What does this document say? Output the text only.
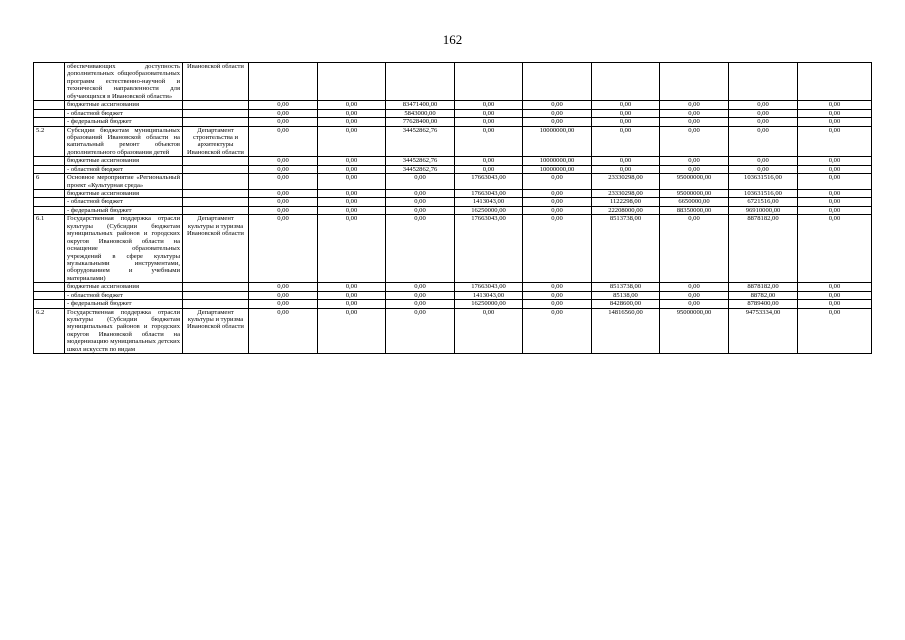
162
	обеспечивающих доступность дополнительных общеобразовательных программ естественно-научной и технической направленности для обучающихся в Ивановской области»	Ивановской области									
	бюджетные ассигнования		0,00	0,00	83471400,00	0,00	0,00	0,00	0,00	0,00	0,00
	- областной бюджет		0,00	0,00	5843000,00	0,00	0,00	0,00	0,00	0,00	0,00
	- федеральный бюджет		0,00	0,00	77628400,00	0,00	0,00	0,00	0,00	0,00	0,00
5.2	Субсидии бюджетам муниципальных образований Ивановской области на капитальный ремонт объектов дополнительного образования детей	Департамент строительства и архитектуры Ивановской области	0,00	0,00	34452862,76	0,00	10000000,00	0,00	0,00	0,00	0,00
	бюджетные ассигнования		0,00	0,00	34452862,76	0,00	10000000,00	0,00	0,00	0,00	0,00
	- областной бюджет		0,00	0,00	34452862,76	0,00	10000000,00	0,00	0,00	0,00	0,00
6	Основное мероприятие «Региональный проект «Культурная среда»		0,00	0,00	0,00	17663043,00	0,00	23330298,00	95000000,00	103631516,00	0,00
	бюджетные ассигнования		0,00	0,00	0,00	17663043,00	0,00	23330298,00	95000000,00	103631516,00	0,00
	- областной бюджет		0,00	0,00	0,00	1413043,00	0,00	1122298,00	6650000,00	6721516,00	0,00
	- федеральный бюджет		0,00	0,00	0,00	16250000,00	0,00	22208000,00	88350000,00	96910000,00	0,00
6.1	Государственная поддержка отрасли культуры (Субсидии бюджетам муниципальных районов и городских округов Ивановской области на оснащение образовательных учреждений в сфере культуры музыкальными инструментами, оборудованием и учебными материалами)	Департамент культуры и туризма Ивановской области	0,00	0,00	0,00	17663043,00	0,00	8513738,00	0,00	8878182,00	0,00
	бюджетные ассигнования		0,00	0,00	0,00	17663043,00	0,00	8513738,00	0,00	8878182,00	0,00
	- областной бюджет		0,00	0,00	0,00	1413043,00	0,00	85138,00	0,00	88782,00	0,00
	- федеральный бюджет		0,00	0,00	0,00	16250000,00	0,00	8428600,00	0,00	8789400,00	0,00
6.2	Государственная поддержка отрасли культуры (Субсидии бюджетам муниципальных районов и городских округов Ивановской области на модернизацию муниципальных детских школ искусств по видам	Департамент культуры и туризма Ивановской области	0,00	0,00	0,00	0,00	0,00	14816560,00	95000000,00	94753334,00	0,00
